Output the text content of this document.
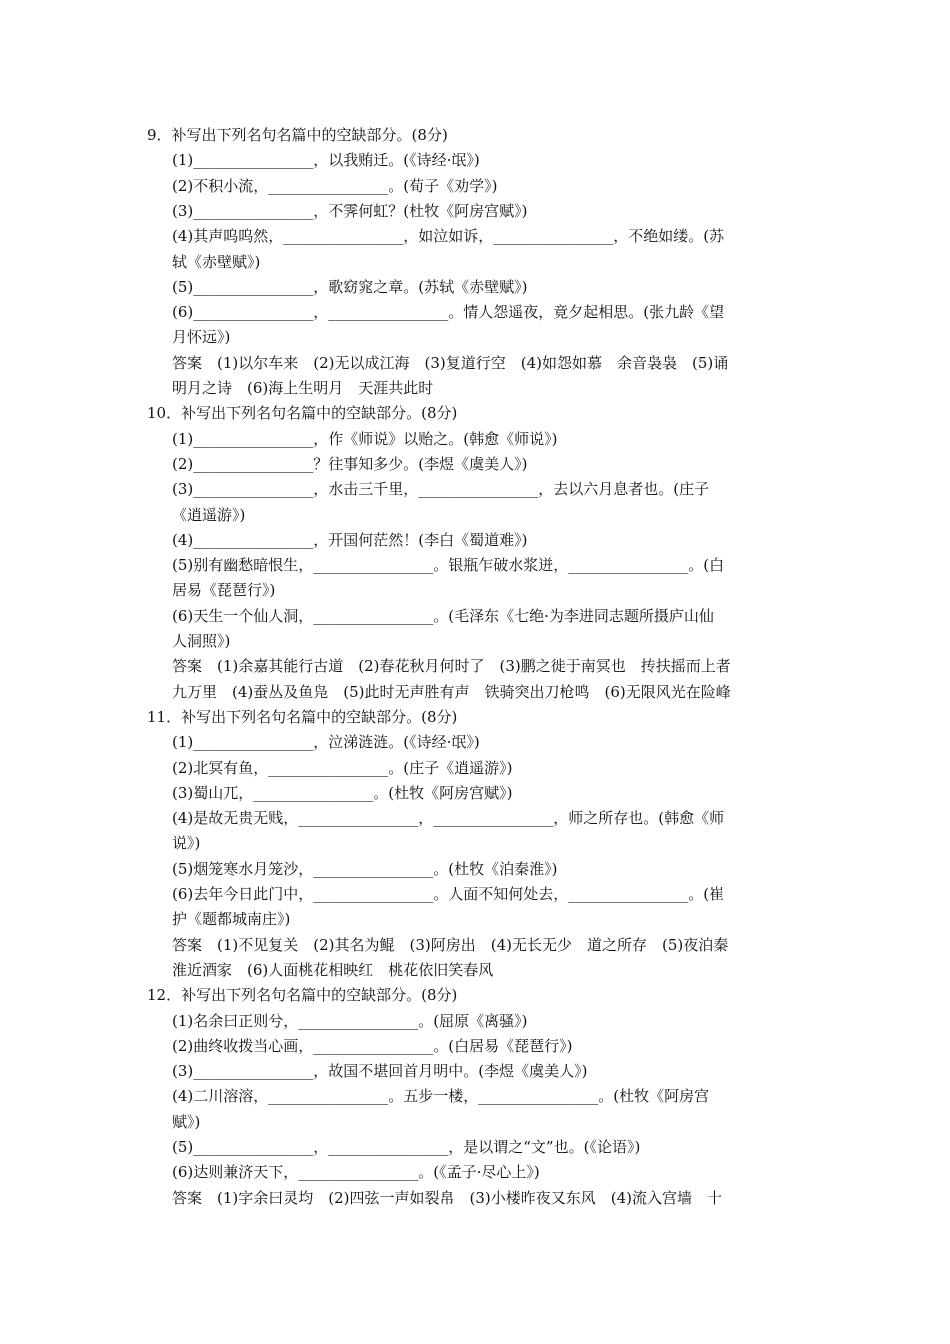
9．补写出下列名句名篇中的空缺部分。(8分)
(1)________________，以我贿迁。(《诗经·氓》)
(2)不积小流，________________。(荀子《劝学》)
(3)________________，不霁何虹？(杜牧《阿房宫赋》)
(4)其声呜呜然，________________，如泣如诉，________________，不绝如缕。(苏
轼《赤壁赋》)
(5)________________，歌窈窕之章。(苏轼《赤壁赋》)
(6)________________，________________。情人怨遥夜，竟夕起相思。(张九龄《望
月怀远》)
答案　(1)以尔车来　(2)无以成江海　(3)复道行空　(4)如怨如慕　余音袅袅　(5)诵
明月之诗　(6)海上生明月　天涯共此时
10．补写出下列名句名篇中的空缺部分。(8分)
(1)________________，作《师说》以贻之。(韩愈《师说》)
(2)________________？往事知多少。(李煜《虞美人》)
(3)________________，水击三千里，________________，去以六月息者也。(庄子
《逍遥游》)
(4)________________，开国何茫然！(李白《蜀道难》)
(5)别有幽愁暗恨生，________________。银瓶乍破水浆迸，________________。(白
居易《琵琶行》)
(6)天生一个仙人洞，________________。(毛泽东《七绝·为李进同志题所摄庐山仙
人洞照》)
答案　(1)余嘉其能行古道　(2)春花秋月何时了　(3)鹏之徙于南冥也　抟扶摇而上者
九万里　(4)蚕丛及鱼凫　(5)此时无声胜有声　铁骑突出刀枪鸣　(6)无限风光在险峰
11．补写出下列名句名篇中的空缺部分。(8分)
(1)________________，泣涕涟涟。(《诗经·氓》)
(2)北冥有鱼，________________。(庄子《逍遥游》)
(3)蜀山兀，________________。(杜牧《阿房宫赋》)
(4)是故无贵无贱，________________，________________，师之所存也。(韩愈《师
说》)
(5)烟笼寒水月笼沙，________________。(杜牧《泊秦淮》)
(6)去年今日此门中，________________。人面不知何处去，________________。(崔
护《题都城南庄》)
答案　(1)不见复关　(2)其名为鲲　(3)阿房出　(4)无长无少　道之所存　(5)夜泊秦
淮近酒家　(6)人面桃花相映红　桃花依旧笑春风
12．补写出下列名句名篇中的空缺部分。(8分)
(1)名余曰正则兮，________________。(屈原《离骚》)
(2)曲终收拨当心画，________________。(白居易《琵琶行》)
(3)________________，故国不堪回首月明中。(李煜《虞美人》)
(4)二川溶溶，________________。五步一楼，________________。(杜牧《阿房宫
赋》)
(5)________________，________________，是以谓之“文”也。(《论语》)
(6)达则兼济天下，________________。(《孟子·尽心上》)
答案　(1)字余曰灵均　(2)四弦一声如裂帛　(3)小楼昨夜又东风　(4)流入宫墙　十
